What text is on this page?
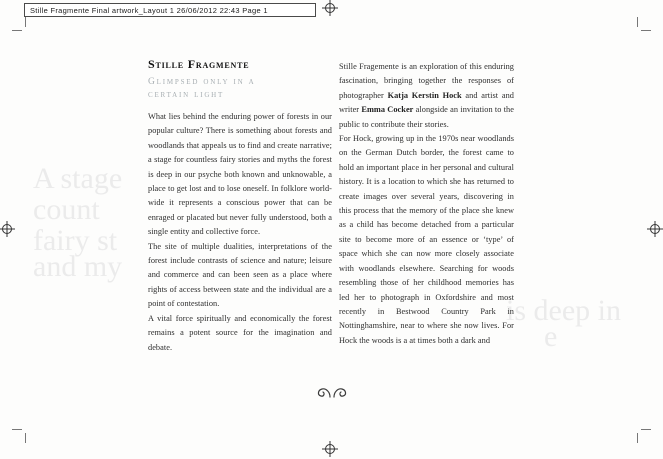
A stage
count
fairy st
and my
is deep in
e
Stille Fragmente Final artwork_Layout 1 26/06/2012 22:43 Page 1
Stille Fragmente
Glimpsed only in a
certain light

What lies behind the enduring power of forests in our popular culture? There is something about forests and woodlands that appeals us to find and create narrative; a stage for countless fairy stories and myths the forest is deep in our psyche both known and unknowable, a place to get lost and to lose oneself. In folklore world-wide it represents a conscious power that can be enraged or placated but never fully understood, both a single entity and collective force.

The site of multiple dualities, interpretations of the forest include contrasts of science and nature; leisure and commerce and can been seen as a place where rights of access between state and the individual are a point of contestation.

A vital force spiritually and economically the forest remains a potent source for the imagination and debate.

Stille Fragemente is an exploration of this enduring fascination, bringing together the responses of photographer Katja Kerstin Hock and artist and writer Emma Cocker alongside an invitation to the public to contribute their stories.

For Hock, growing up in the 1970s near woodlands on the German Dutch border, the forest came to hold an important place in her personal and cultural history. It is a location to which she has returned to create images over several years, discovering in this process that the memory of the place she knew as a child has become detached from a particular site to become more of an essence or ‘type’ of space which she can now more closely associate with woodlands elsewhere. Searching for woods resembling those of her childhood memories has led her to photograph in Oxfordshire and most recently in Bestwood Country Park in Nottinghamshire, near to where she now lives. For Hock the woods is a at times both a dark and
